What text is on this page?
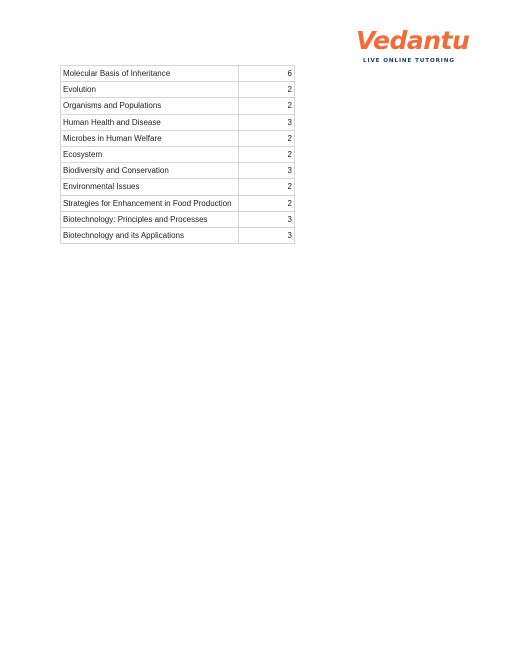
Vedantu
LIVE ONLINE TUTORING
Molecular Basis of Inheritance	6
Evolution	2
Organisms and Populations	2
Human Health and Disease	3
Microbes in Human Welfare	2
Ecosystem	2
Biodiversity and Conservation	3
Environmental Issues	2
Strategies for Enhancement in Food Production	2
Biotechnology: Principles and Processes	3
Biotechnology and its Applications	3
